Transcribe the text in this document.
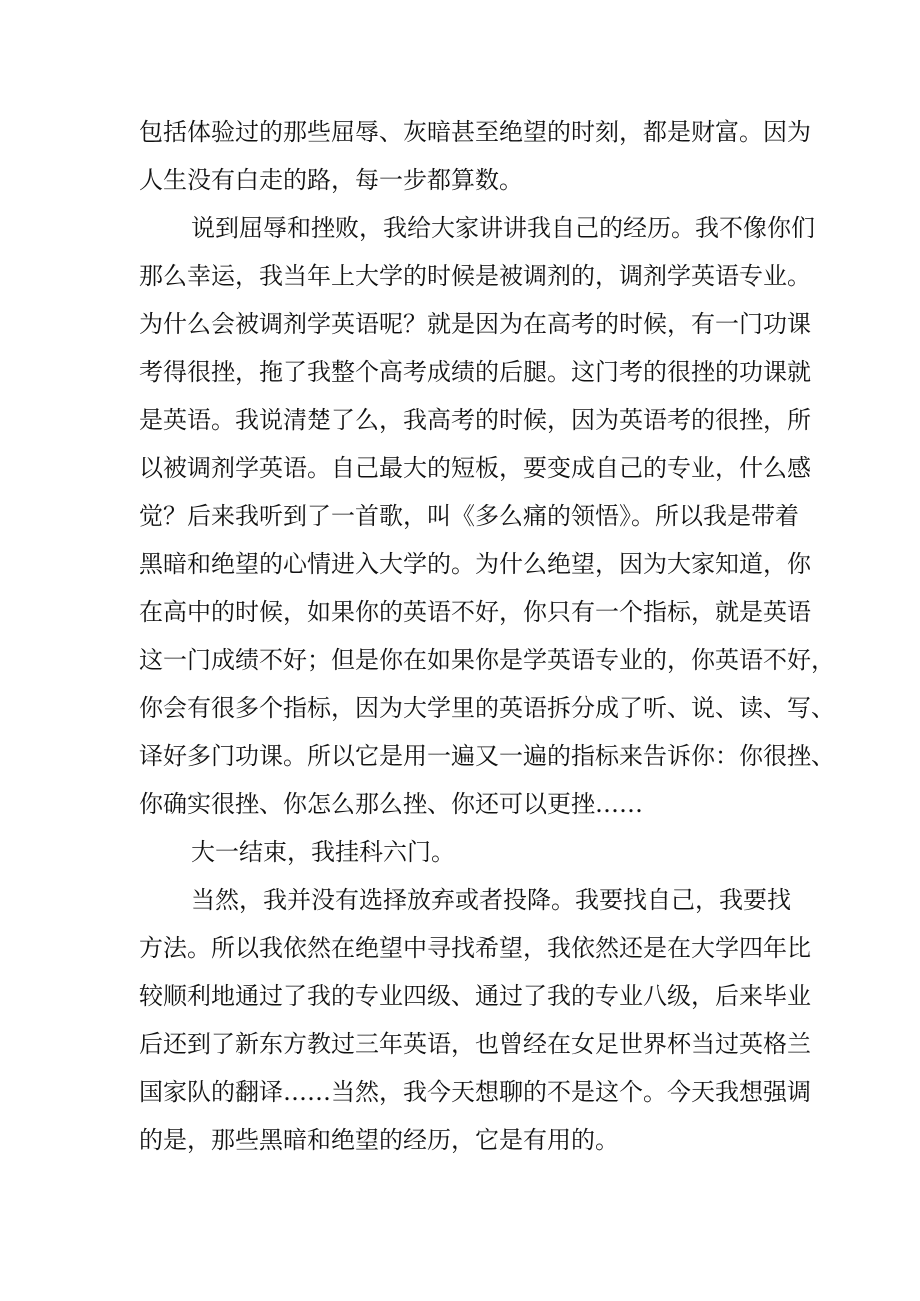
包括体验过的那些屈辱、灰暗甚至绝望的时刻，都是财富。因为
人生没有白走的路，每一步都算数。
说到屈辱和挫败，我给大家讲讲我自己的经历。我不像你们
那么幸运，我当年上大学的时候是被调剂的，调剂学英语专业。
为什么会被调剂学英语呢？就是因为在高考的时候，有一门功课
考得很挫，拖了我整个高考成绩的后腿。这门考的很挫的功课就
是英语。我说清楚了么，我高考的时候，因为英语考的很挫，所
以被调剂学英语。自己最大的短板，要变成自己的专业，什么感
觉？后来我听到了一首歌，叫《多么痛的领悟》。所以我是带着
黑暗和绝望的心情进入大学的。为什么绝望，因为大家知道，你
在高中的时候，如果你的英语不好，你只有一个指标，就是英语
这一门成绩不好；但是你在如果你是学英语专业的，你英语不好，
你会有很多个指标，因为大学里的英语拆分成了听、说、读、写、
译好多门功课。所以它是用一遍又一遍的指标来告诉你：你很挫、
你确实很挫、你怎么那么挫、你还可以更挫……
大一结束，我挂科六门。
当然，我并没有选择放弃或者投降。我要找自己，我要找
方法。所以我依然在绝望中寻找希望，我依然还是在大学四年比
较顺利地通过了我的专业四级、通过了我的专业八级，后来毕业
后还到了新东方教过三年英语，也曾经在女足世界杯当过英格兰
国家队的翻译……当然，我今天想聊的不是这个。今天我想强调
的是，那些黑暗和绝望的经历，它是有用的。
